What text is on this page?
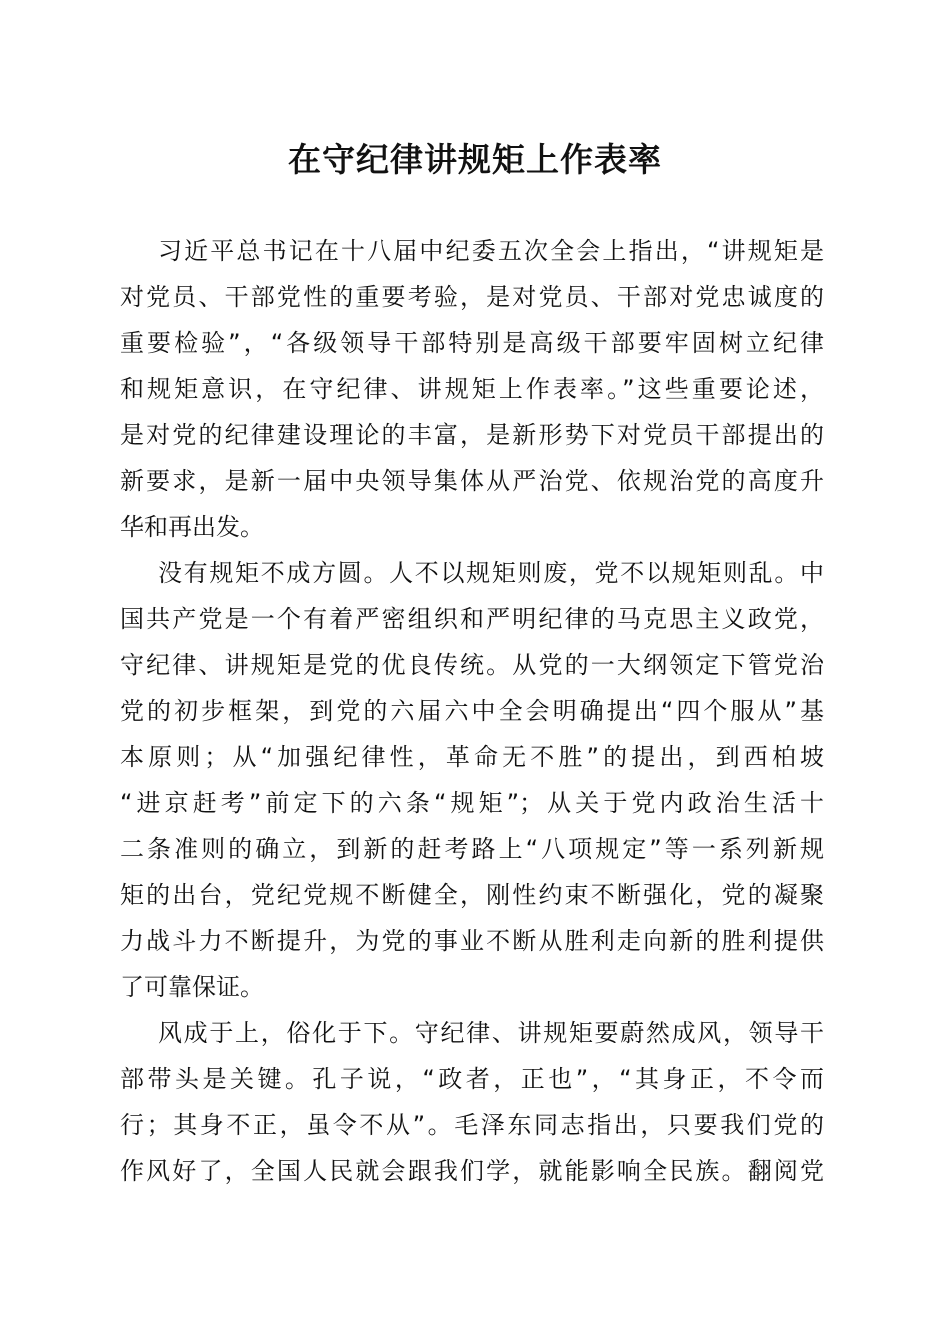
在守纪律讲规矩上作表率

习近平总书记在十八届中纪委五次全会上指出，“讲规矩是
对党员、干部党性的重要考验，是对党员、干部对党忠诚度的
重要检验”，“各级领导干部特别是高级干部要牢固树立纪律
和规矩意识，在守纪律、讲规矩上作表率。”这些重要论述，
是对党的纪律建设理论的丰富，是新形势下对党员干部提出的
新要求，是新一届中央领导集体从严治党、依规治党的高度升
华和再出发。

没有规矩不成方圆。人不以规矩则废，党不以规矩则乱。中
国共产党是一个有着严密组织和严明纪律的马克思主义政党，
守纪律、讲规矩是党的优良传统。从党的一大纲领定下管党治
党的初步框架，到党的六届六中全会明确提出“四个服从”基
本原则；从“加强纪律性，革命无不胜”的提出，到西柏坡
“进京赶考”前定下的六条“规矩”；从关于党内政治生活十
二条准则的确立，到新的赶考路上“八项规定”等一系列新规
矩的出台，党纪党规不断健全，刚性约束不断强化，党的凝聚
力战斗力不断提升，为党的事业不断从胜利走向新的胜利提供
了可靠保证。

风成于上，俗化于下。守纪律、讲规矩要蔚然成风，领导干
部带头是关键。孔子说，“政者，正也”，“其身正，不令而
行；其身不正，虽令不从”。毛泽东同志指出，只要我们党的
作风好了，全国人民就会跟我们学，就能影响全民族。翻阅党
